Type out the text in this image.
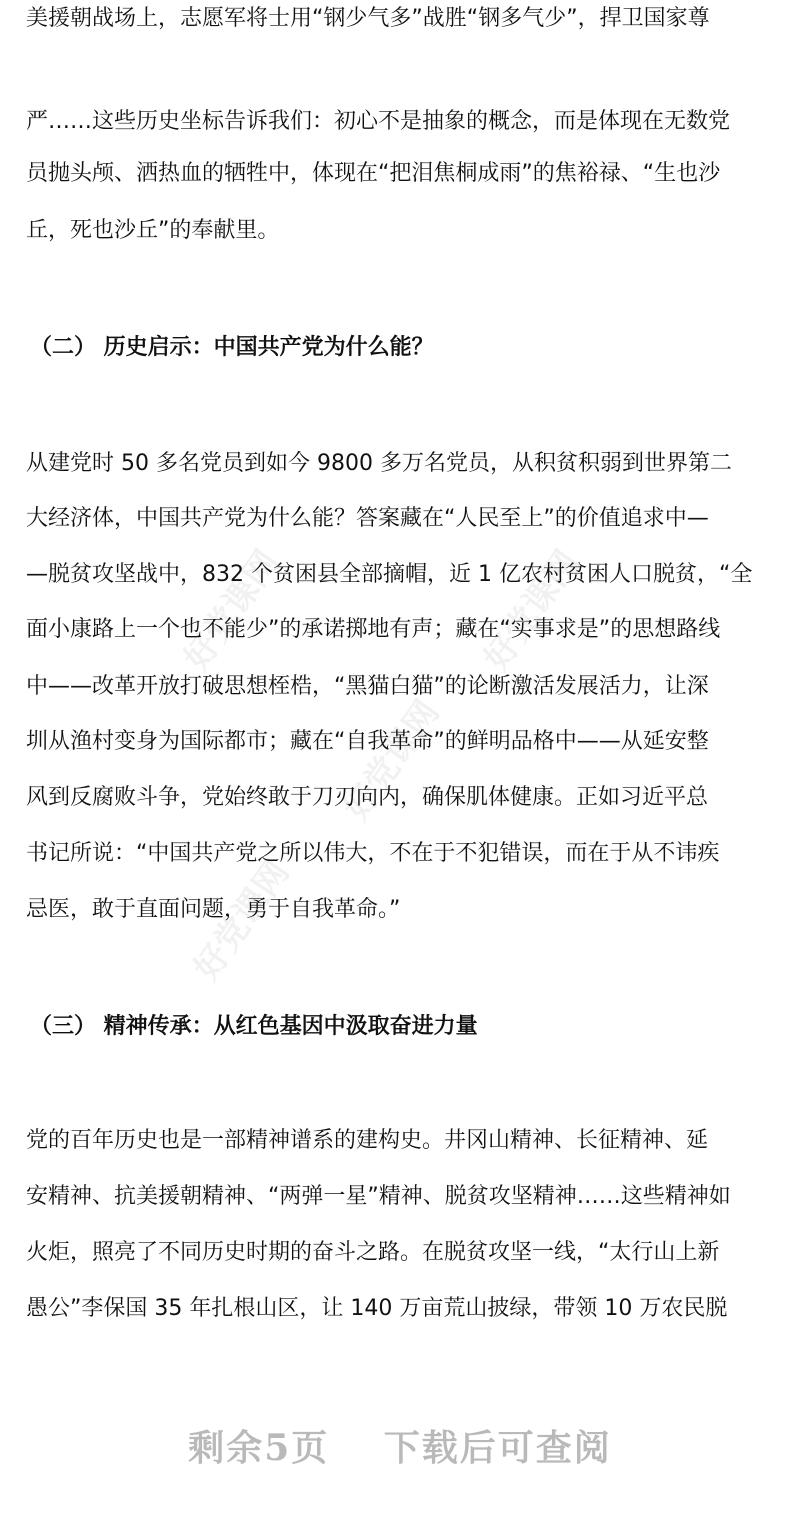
好党课网	好党课网
好党课网
好党课网
美援朝战场上，志愿军将士用“钢少气多”战胜“钢多气少”，捍卫国家尊
严……这些历史坐标告诉我们：初心不是抽象的概念，而是体现在无数党
员抛头颅、洒热血的牺牲中，体现在“把泪焦桐成雨”的焦裕禄、“生也沙
丘，死也沙丘”的奉献里。
（二） 历史启示：中国共产党为什么能？
从建党时 50 多名党员到如今 9800 多万名党员，从积贫积弱到世界第二
大经济体，中国共产党为什么能？答案藏在“人民至上”的价值追求中—
—脱贫攻坚战中，832 个贫困县全部摘帽，近 1 亿农村贫困人口脱贫，“全
面小康路上一个也不能少”的承诺掷地有声；藏在“实事求是”的思想路线
中——改革开放打破思想桎梏，“黑猫白猫”的论断激活发展活力，让深
圳从渔村变身为国际都市；藏在“自我革命”的鲜明品格中——从延安整
风到反腐败斗争，党始终敢于刀刃向内，确保肌体健康。正如习近平总
书记所说：“中国共产党之所以伟大，不在于不犯错误，而在于从不讳疾
忌医，敢于直面问题，勇于自我革命。”
（三） 精神传承：从红色基因中汲取奋进力量
党的百年历史也是一部精神谱系的建构史。井冈山精神、长征精神、延
安精神、抗美援朝精神、“两弹一星”精神、脱贫攻坚精神……这些精神如
火炬，照亮了不同历史时期的奋斗之路。在脱贫攻坚一线，“太行山上新
愚公”李保国 35 年扎根山区，让 140 万亩荒山披绿，带领 10 万农民脱
剩余5页 下载后可查阅
